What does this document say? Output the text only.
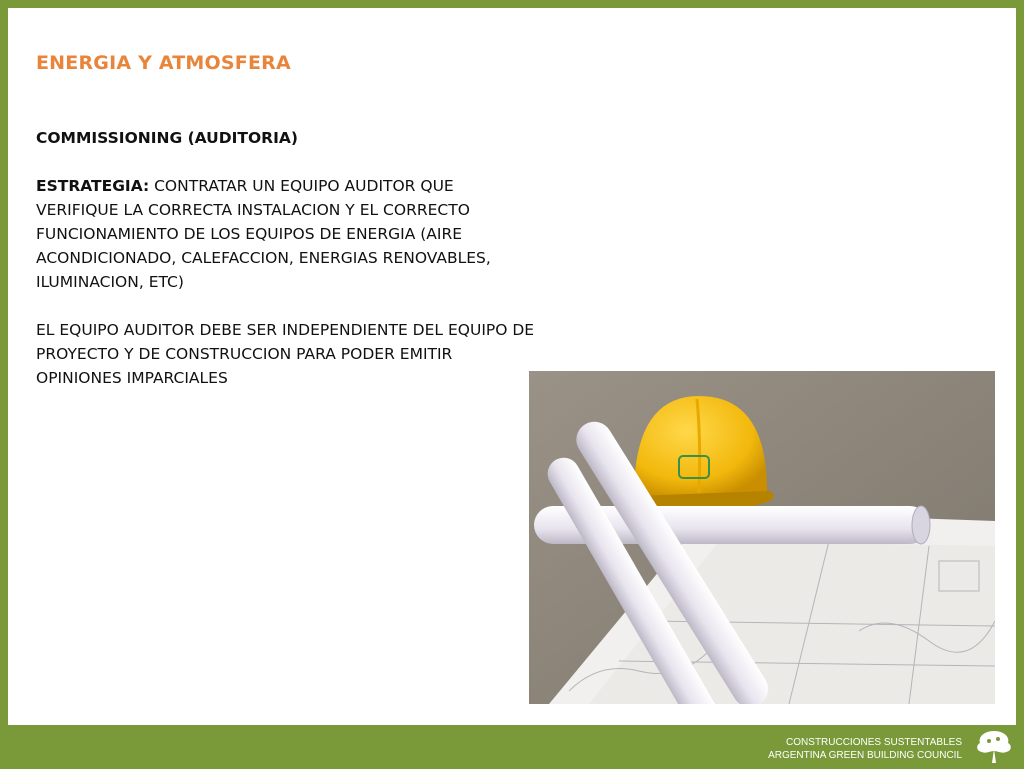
ENERGIA Y ATMOSFERA

COMMISSIONING (AUDITORIA)

ESTRATEGIA: CONTRATAR UN EQUIPO AUDITOR QUE VERIFIQUE LA CORRECTA INSTALACION Y EL CORRECTO FUNCIONAMIENTO DE LOS EQUIPOS DE ENERGIA (AIRE ACONDICIONADO, CALEFACCION, ENERGIAS RENOVABLES, ILUMINACION, ETC)

EL EQUIPO AUDITOR DEBE SER INDEPENDIENTE DEL EQUIPO DE PROYECTO Y DE CONSTRUCCION PARA PODER EMITIR OPINIONES IMPARCIALES

CONSTRUCCIONES SUSTENTABLES
ARGENTINA GREEN BUILDING COUNCIL
